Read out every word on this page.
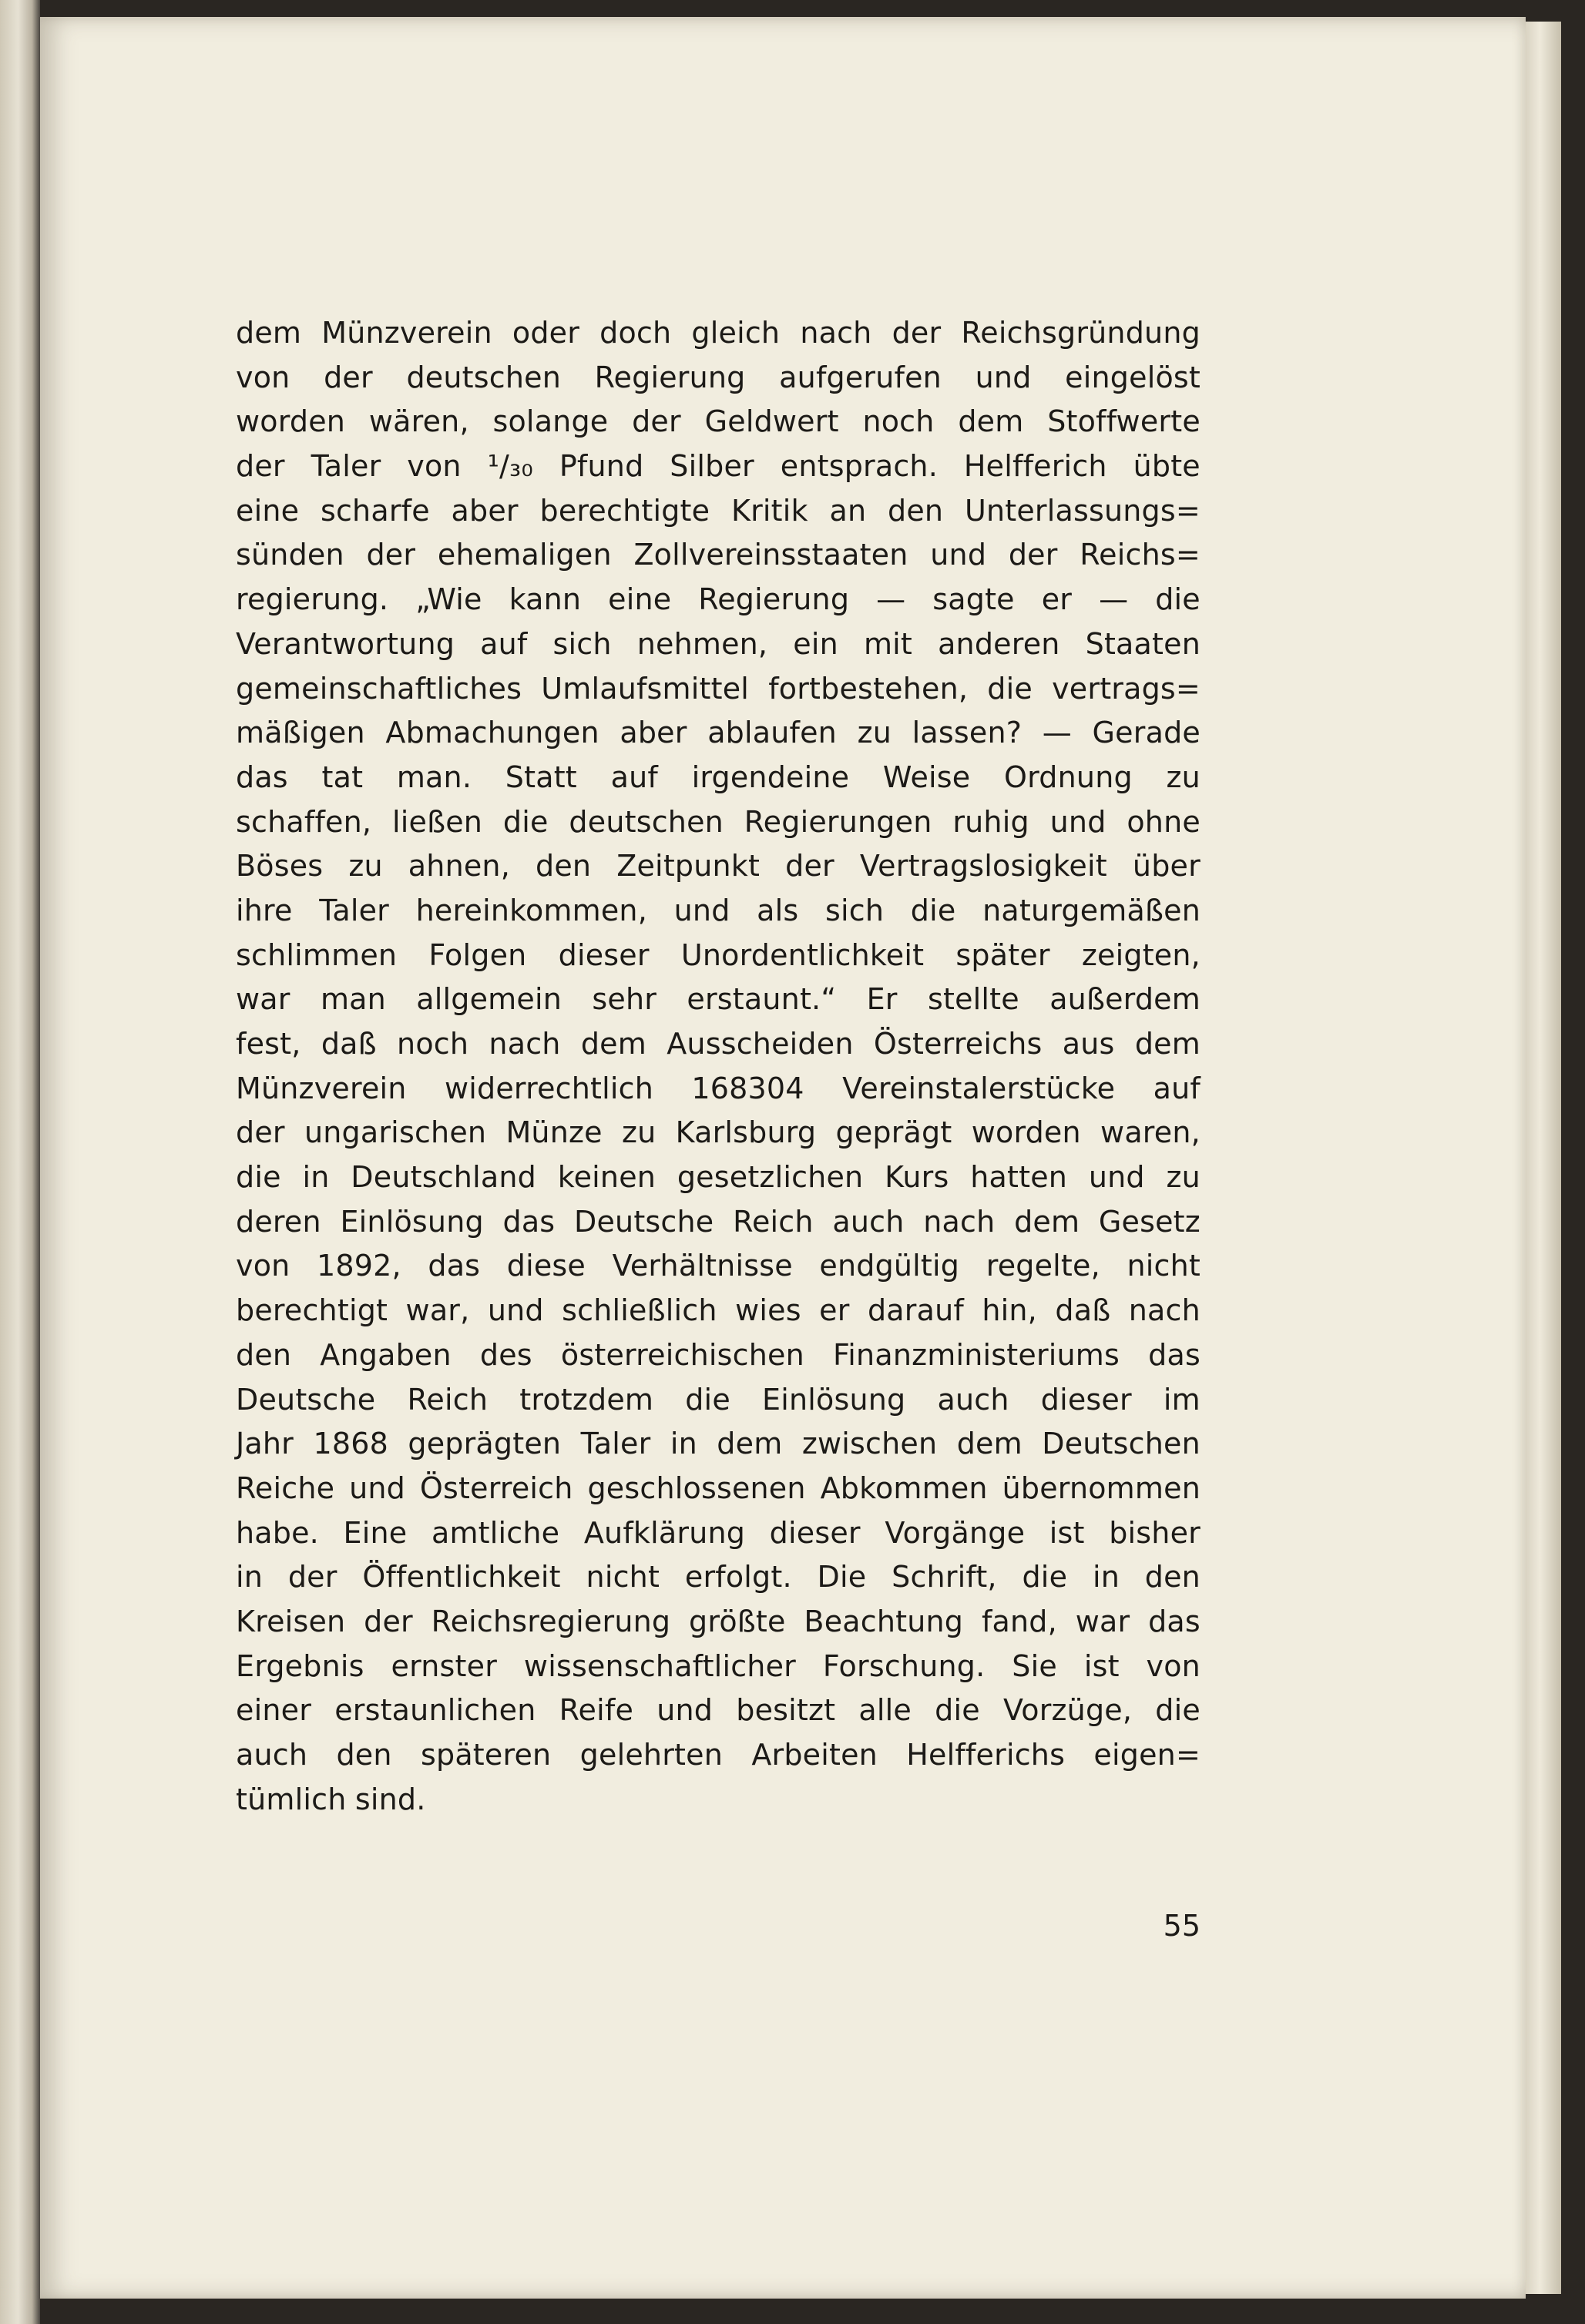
dem Münzverein oder doch gleich nach der Reichsgründung
von der deutschen Regierung aufgerufen und eingelöst
worden wären, solange der Geldwert noch dem Stoffwerte
der Taler von ¹/₃₀ Pfund Silber entsprach. Helfferich übte
eine scharfe aber berechtigte Kritik an den Unterlassungs=
sünden der ehemaligen Zollvereinsstaaten und der Reichs=
regierung. „Wie kann eine Regierung — sagte er — die
Verantwortung auf sich nehmen, ein mit anderen Staaten
gemeinschaftliches Umlaufsmittel fortbestehen, die vertrags=
mäßigen Abmachungen aber ablaufen zu lassen? — Gerade
das tat man. Statt auf irgendeine Weise Ordnung zu
schaffen, ließen die deutschen Regierungen ruhig und ohne
Böses zu ahnen, den Zeitpunkt der Vertragslosigkeit über
ihre Taler hereinkommen, und als sich die naturgemäßen
schlimmen Folgen dieser Unordentlichkeit später zeigten,
war man allgemein sehr erstaunt.“ Er stellte außerdem
fest, daß noch nach dem Ausscheiden Österreichs aus dem
Münzverein widerrechtlich 168304 Vereinstalerstücke auf
der ungarischen Münze zu Karlsburg geprägt worden waren,
die in Deutschland keinen gesetzlichen Kurs hatten und zu
deren Einlösung das Deutsche Reich auch nach dem Gesetz
von 1892, das diese Verhältnisse endgültig regelte, nicht
berechtigt war, und schließlich wies er darauf hin, daß nach
den Angaben des österreichischen Finanzministeriums das
Deutsche Reich trotzdem die Einlösung auch dieser im
Jahr 1868 geprägten Taler in dem zwischen dem Deutschen
Reiche und Österreich geschlossenen Abkommen übernommen
habe. Eine amtliche Aufklärung dieser Vorgänge ist bisher
in der Öffentlichkeit nicht erfolgt. Die Schrift, die in den
Kreisen der Reichsregierung größte Beachtung fand, war das
Ergebnis ernster wissenschaftlicher Forschung. Sie ist von
einer erstaunlichen Reife und besitzt alle die Vorzüge, die
auch den späteren gelehrten Arbeiten Helfferichs eigen=
tümlich sind.
55
